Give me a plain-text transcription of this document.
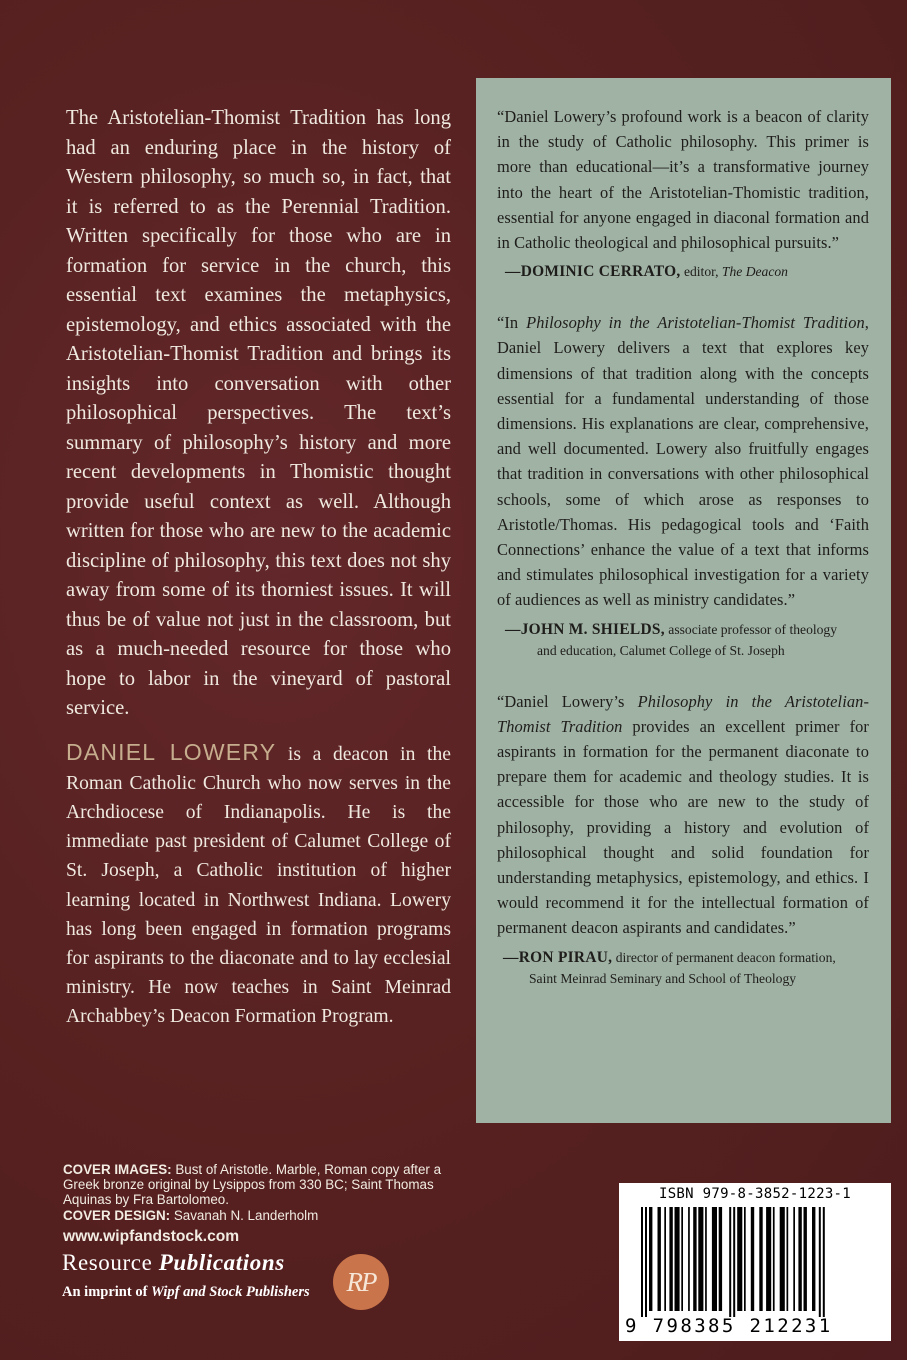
The Aristotelian-Thomist Tradition has long had an enduring place in the history of Western philosophy, so much so, in fact, that it is referred to as the Perennial Tradition. Written specifically for those who are in formation for service in the church, this essential text examines the metaphysics, epistemology, and ethics associated with the Aristotelian-Thomist Tradition and brings its insights into conversation with other philosophical perspectives. The text’s summary of philosophy’s history and more recent developments in Thomistic thought provide useful context as well. Although written for those who are new to the academic discipline of philosophy, this text does not shy away from some of its thorniest issues. It will thus be of value not just in the classroom, but as a much-needed resource for those who hope to labor in the vineyard of pastoral service.

DANIEL LOWERY is a deacon in the Roman Catholic Church who now serves in the Archdiocese of Indianapolis. He is the immediate past president of Calumet College of St. Joseph, a Catholic institution of higher learning located in Northwest Indiana. Lowery has long been engaged in formation programs for aspirants to the diaconate and to lay ecclesial ministry. He now teaches in Saint Meinrad Archabbey’s Deacon Formation Program.

“Daniel Lowery’s profound work is a beacon of clarity in the study of Catholic philosophy. This primer is more than educational—it’s a transformative journey into the heart of the Aristotelian-Thomistic tradition, essential for anyone engaged in diaconal formation and in Catholic theological and philosophical pursuits.”

—DOMINIC CERRATO, editor, The Deacon

“In Philosophy in the Aristotelian-Thomist Tradition, Daniel Lowery delivers a text that explores key dimensions of that tradition along with the concepts essential for a fundamental understanding of those dimensions. His explanations are clear, comprehensive, and well documented. Lowery also fruitfully engages that tradition in conversations with other philosophical schools, some of which arose as responses to Aristotle/Thomas. His pedagogical tools and ‘Faith Connections’ enhance the value of a text that informs and stimulates philosophical investigation for a variety of audiences as well as ministry candidates.”

—JOHN M. SHIELDS, associate professor of theology
and education, Calumet College of St. Joseph

“Daniel Lowery’s Philosophy in the Aristotelian-Thomist Tradition provides an excellent primer for aspirants in formation for the permanent diaconate to prepare them for academic and theology studies. It is accessible for those who are new to the study of philosophy, providing a history and evolution of philosophical thought and solid foundation for understanding metaphysics, epistemology, and ethics. I would recommend it for the intellectual formation of permanent deacon aspirants and candidates.”

—RON PIRAU, director of permanent deacon formation,
Saint Meinrad Seminary and School of Theology

COVER IMAGES: Bust of Aristotle. Marble, Roman copy after a Greek bronze original by Lysippos from 330 BC; Saint Thomas Aquinas by Fra Bartolomeo.
COVER DESIGN: Savanah N. Landerholm
www.wipfandstock.com
Resource Publications
An imprint of Wipf and Stock Publishers	RP
ISBN 979-8-3852-1223-1
9 798385 212231
